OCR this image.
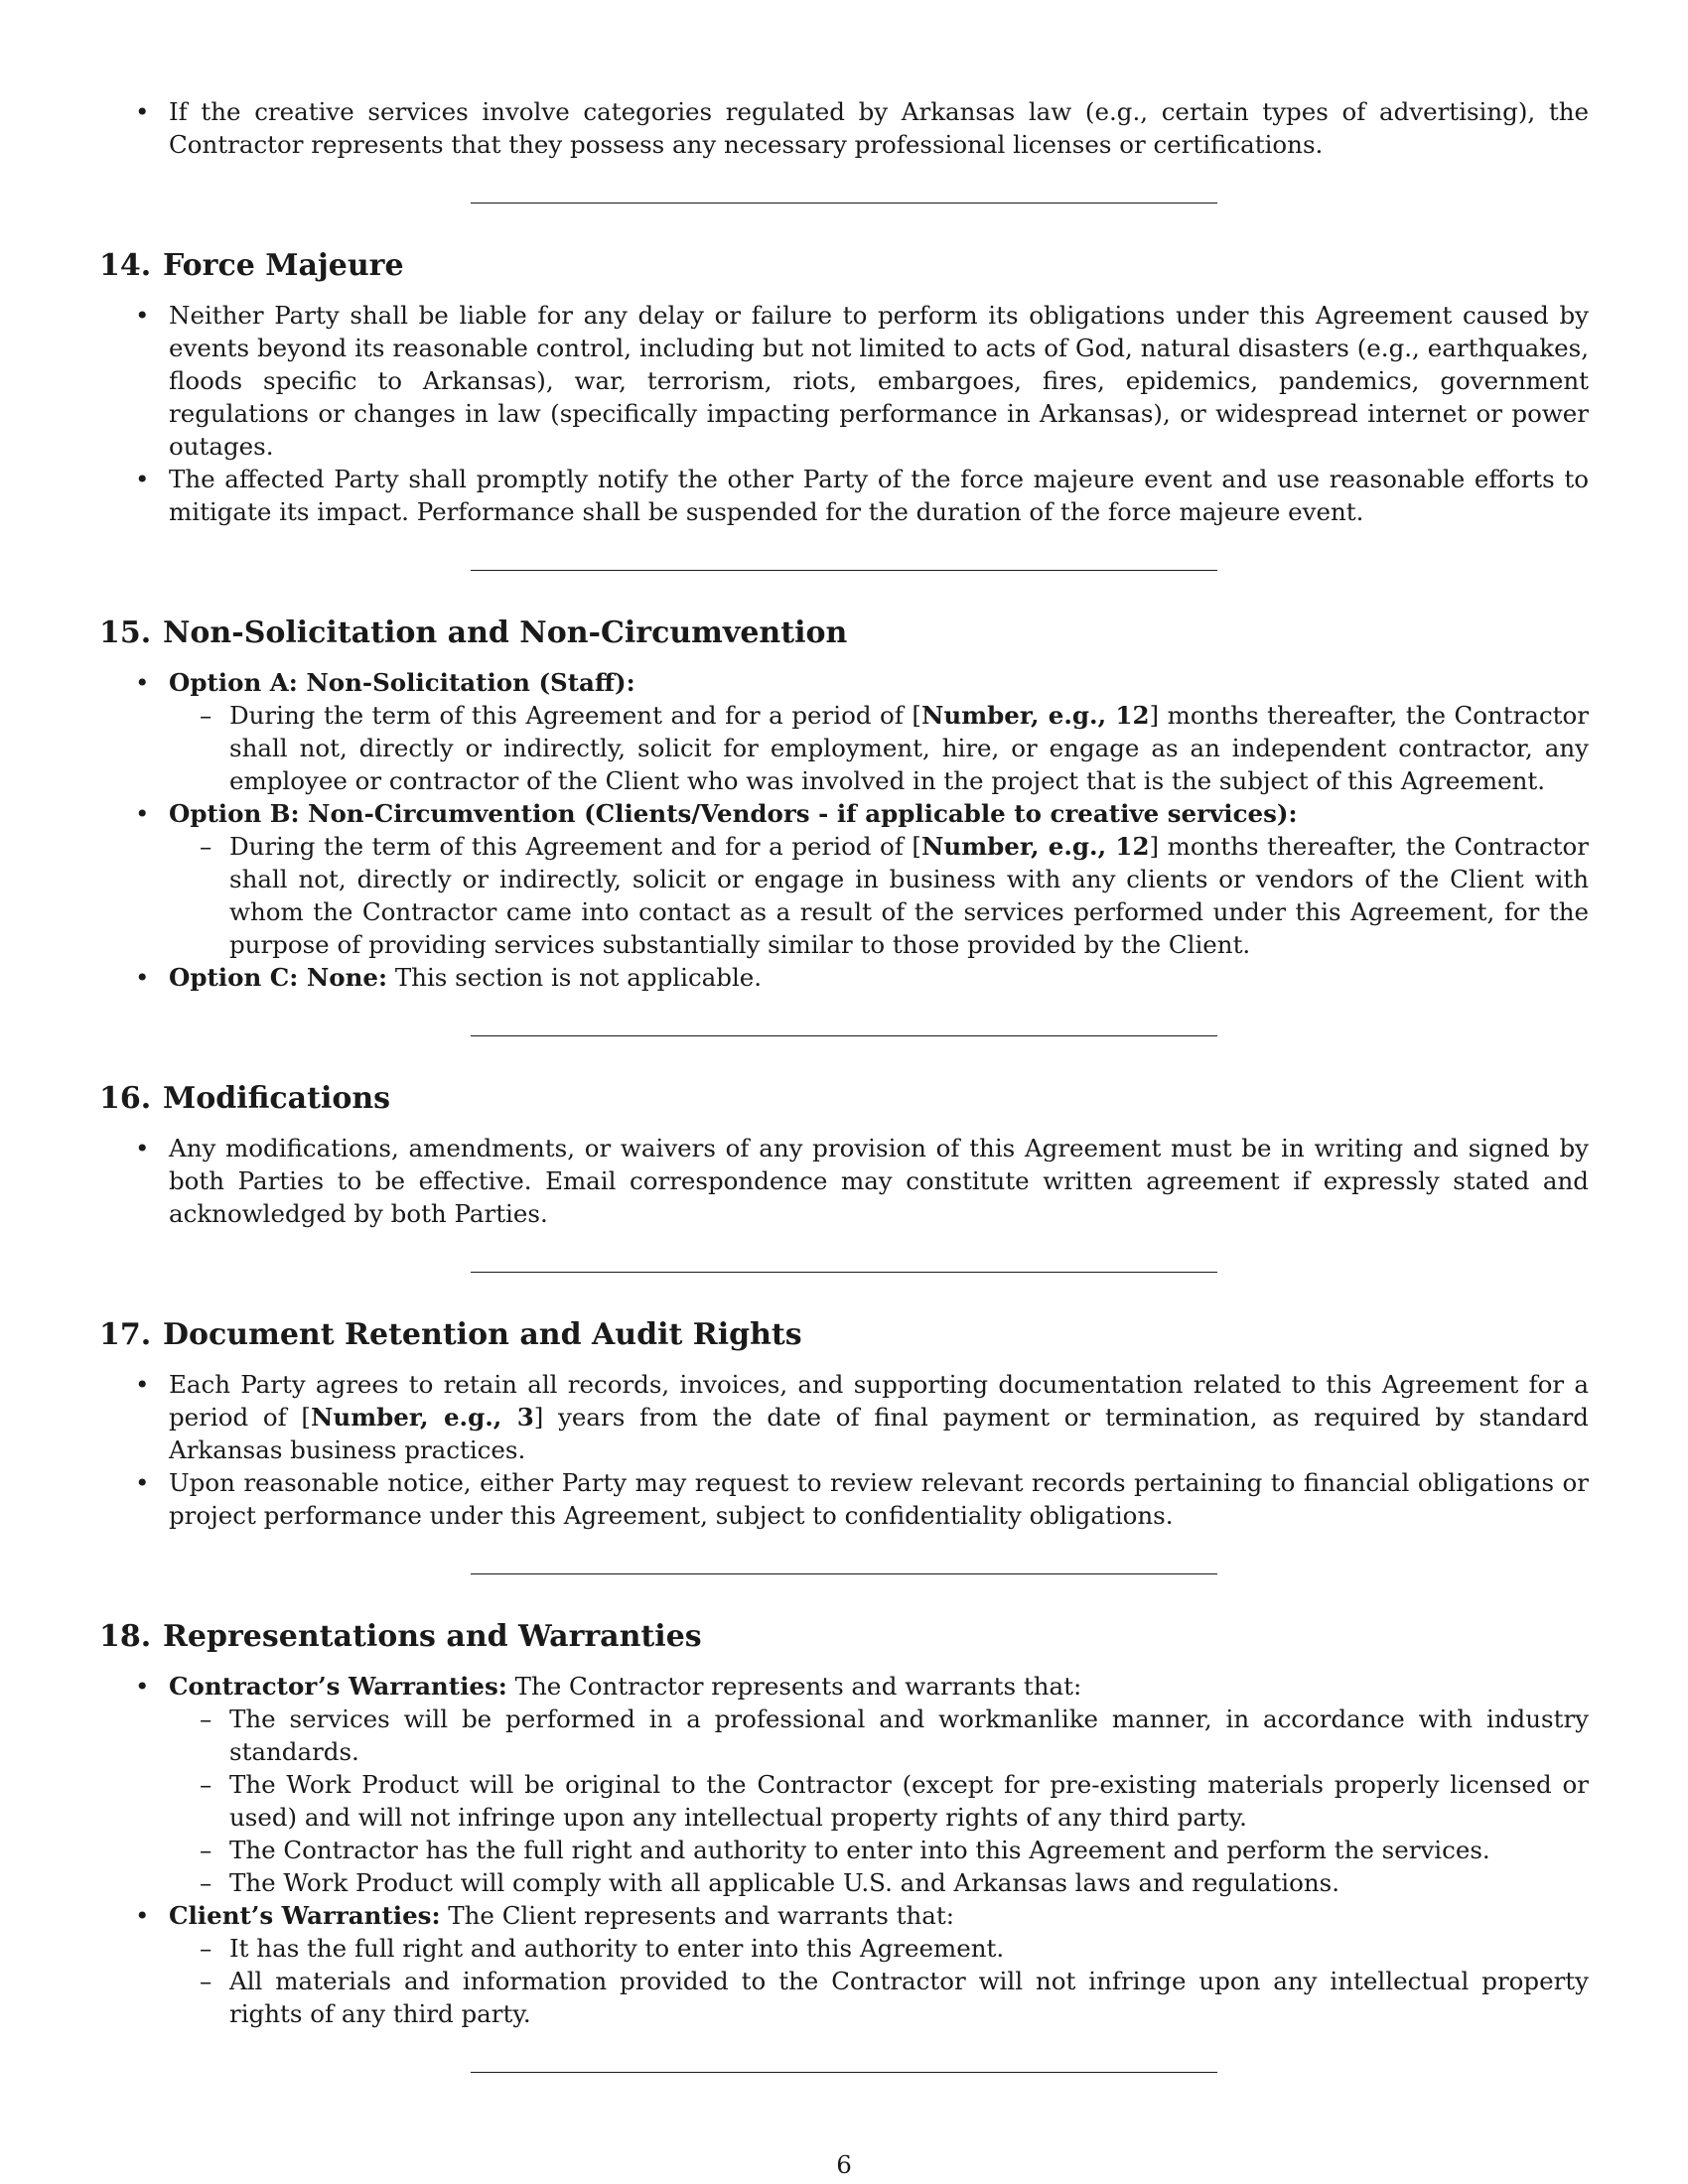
• If the creative services involve categories regulated by Arkansas law (e.g., certain types of advertising), the Contractor represents that they possess any necessary professional licenses or certifications.
14. Force Majeure
• Neither Party shall be liable for any delay or failure to perform its obligations under this Agreement caused by events beyond its reasonable control, including but not limited to acts of God, natural disasters (e.g., earthquakes, floods specific to Arkansas), war, terrorism, riots, embargoes, fires, epidemics, pandemics, government regulations or changes in law (specifically impacting performance in Arkansas), or widespread internet or power outages.
• The affected Party shall promptly notify the other Party of the force majeure event and use reasonable efforts to mitigate its impact. Performance shall be suspended for the duration of the force majeure event.
15. Non-Solicitation and Non-Circumvention
• Option A: Non-Solicitation (Staff):
– During the term of this Agreement and for a period of [Number, e.g., 12] months thereafter, the Contractor shall not, directly or indirectly, solicit for employment, hire, or engage as an independent contractor, any employee or contractor of the Client who was involved in the project that is the subject of this Agreement.
• Option B: Non-Circumvention (Clients/Vendors - if applicable to creative services):
– During the term of this Agreement and for a period of [Number, e.g., 12] months thereafter, the Contractor shall not, directly or indirectly, solicit or engage in business with any clients or vendors of the Client with whom the Contractor came into contact as a result of the services performed under this Agreement, for the purpose of providing services substantially similar to those provided by the Client.
• Option C: None: This section is not applicable.
16. Modifications
• Any modifications, amendments, or waivers of any provision of this Agreement must be in writing and signed by both Parties to be effective. Email correspondence may constitute written agreement if expressly stated and acknowledged by both Parties.
17. Document Retention and Audit Rights
• Each Party agrees to retain all records, invoices, and supporting documentation related to this Agreement for a period of [Number, e.g., 3] years from the date of final payment or termination, as required by standard Arkansas business practices.
• Upon reasonable notice, either Party may request to review relevant records pertaining to financial obligations or project performance under this Agreement, subject to confidentiality obligations.
18. Representations and Warranties
• Contractor’s Warranties: The Contractor represents and warrants that:
– The services will be performed in a professional and workmanlike manner, in accordance with industry standards.
– The Work Product will be original to the Contractor (except for pre-existing materials properly licensed or used) and will not infringe upon any intellectual property rights of any third party.
– The Contractor has the full right and authority to enter into this Agreement and perform the services.
– The Work Product will comply with all applicable U.S. and Arkansas laws and regulations.
• Client’s Warranties: The Client represents and warrants that:
– It has the full right and authority to enter into this Agreement.
– All materials and information provided to the Contractor will not infringe upon any intellectual property rights of any third party.
6
